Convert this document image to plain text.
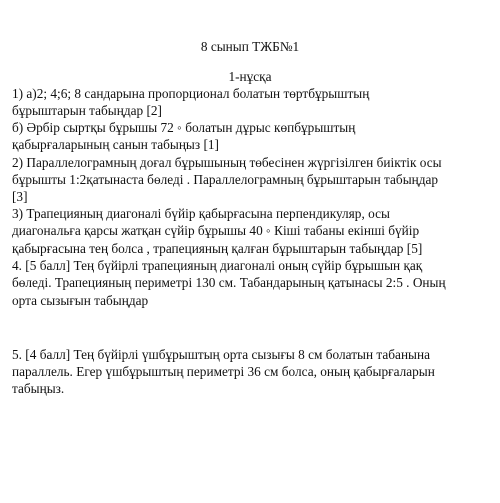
8 сынып ТЖБ№1
1-нұсқа
1) а)2; 4;6; 8 сандарына пропорционал болатын төртбұрыштың
бұрыштарын табыңдар [2]
б) Әрбір сыртқы бұрышы 72 ◦ болатын дұрыс көпбұрыштың
қабырғаларының санын табыңыз [1]
2) Параллелограмның доғал бұрышының төбесінен жүргізілген биіктік осы
бұрышты 1:2қатынаста бөледі . Параллелограмның бұрыштарын табыңдар
[3]
3) Трапецияның диагоналі бүйір қабырғасына перпендикуляр, осы
диагональға қарсы жатқан сүйір бұрышы 40 ◦ Кіші табаны екінші бүйір
қабырғасына тең болса , трапецияның қалған бұрыштарын табыңдар [5]
4. [5 балл] Тең бүйірлі трапецияның диагоналі оның сүйір бұрышын қақ
бөледі. Трапецияның периметрі 130 см. Табандарының қатынасы 2:5 . Оның
орта сызығын табыңдар
5. [4 балл] Тең бүйірлі үшбұрыштың орта сызығы 8 см болатын табанына
параллель. Егер үшбұрыштың периметрі 36 см болса, оның қабырғаларын
табыңыз.
